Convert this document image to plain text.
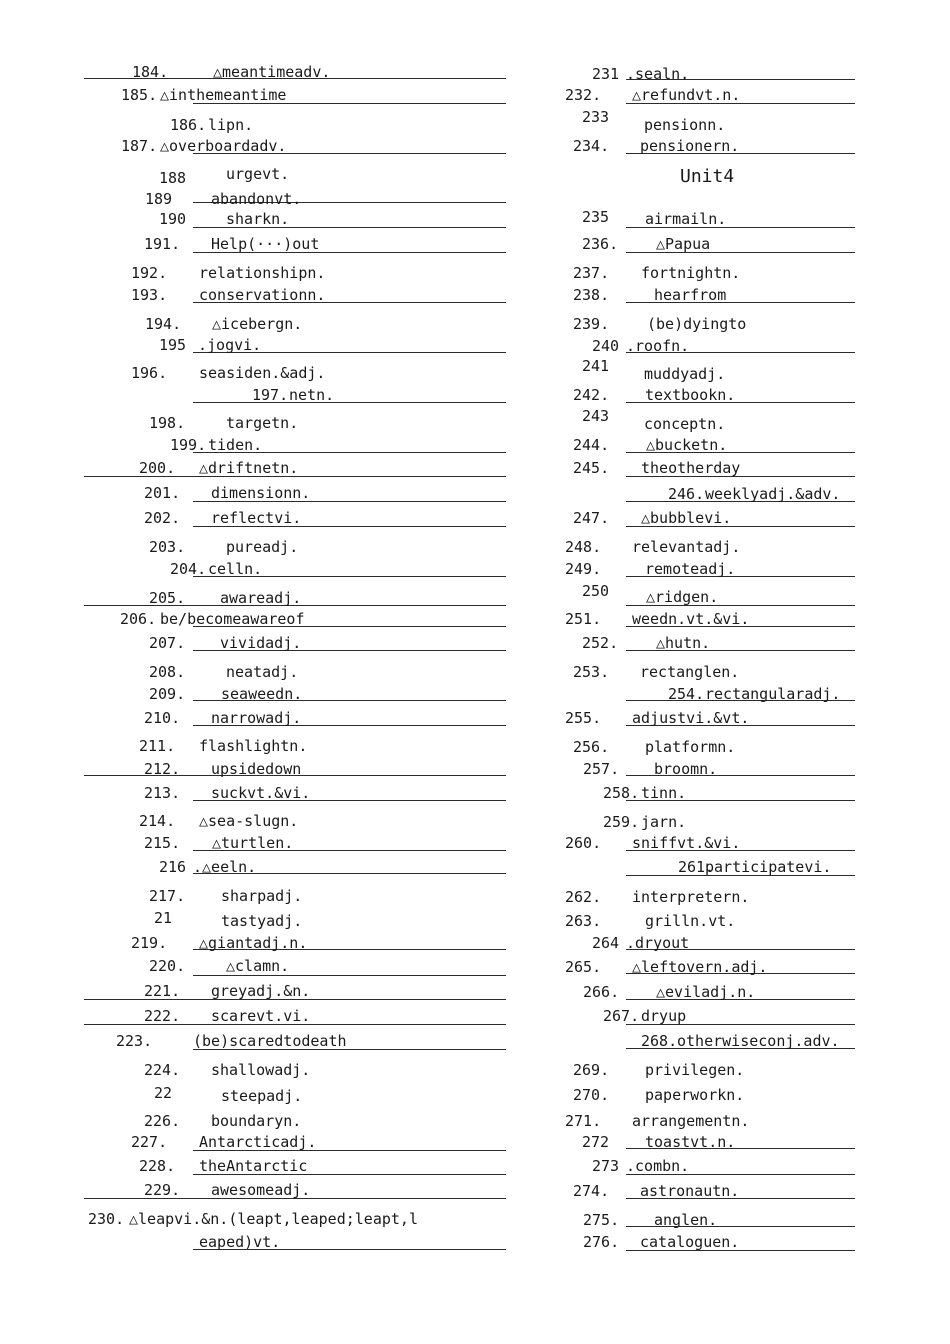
184.	△meantimeadv.
185. △inthemeantime
186. lipn.
187. △overboardadv.
188	urgevt.
189	abandonvt.
190	sharkn.
191. Help(···)out
192. relationshipn.
193. conservationn.
194. △icebergn.
195 .jogvi.
196. seasiden.&adj.
197. netn.
198.	targetn.
199. tiden.
200. △driftnetn.
201. dimensionn.
202. reflectvi.
203.	pureadj.
204. celln.
205. awareadj.
206. be/becomeawareof
207. vividadj.
208.	neatadj.
209. seaweedn.
210. narrowadj.
211. flashlightn.
212. upsidedown
213. suckvt.&vi.
214. △sea-slugn.
215. △turtlen.
216 .△eeln.
217. sharpadj.
21	tastyadj.
219. △giantadj.n.
220.	△clamn.
221. greyadj.&n.
222. scarevt.vi.
223.	(be)scaredtodeath
224. shallowadj.
22	steepadj.
226. boundaryn.
227. Antarcticadj.
228. theAntarctic
229. awesomeadj.
230. △leapvi.&n.(leapt,leaped;leapt,l
eaped)vt.
231 .sealn.
232. △refundvt.n.
233 pensionn.
234. pensionern.
235 airmailn.
236.	△Papua
237. fortnightn.
238.	hearfrom
239.	(be)dyingto
240 .roofn.
241 muddyadj.
242. textbookn.
243 conceptn.
244. △bucketn.
245. theotherday
246. weeklyadj.&adv.
247. △bubblevi.
248. relevantadj.
249.	remoteadj.
250 △ridgen.
251. weedn.vt.&vi.
252.	△hutn.
253. rectanglen.
254. rectangularadj.
255. adjustvi.&vt.
256. platformn.
257. broomn.
258. tinn.
259. jarn.
260. sniffvt.&vi.
261.
participatevi.
262. interpretern.
263.	grilln.vt.
264 .dryout
265. △leftovern.adj.
266. △eviladj.n.
267. dryup
268. otherwiseconj.adv.
269. privilegen.
270. paperworkn.
271. arrangementn.
272 toastvt.n.
273 .combn.
274. astronautn.
275. anglen.
276. cataloguen.
Unit4
